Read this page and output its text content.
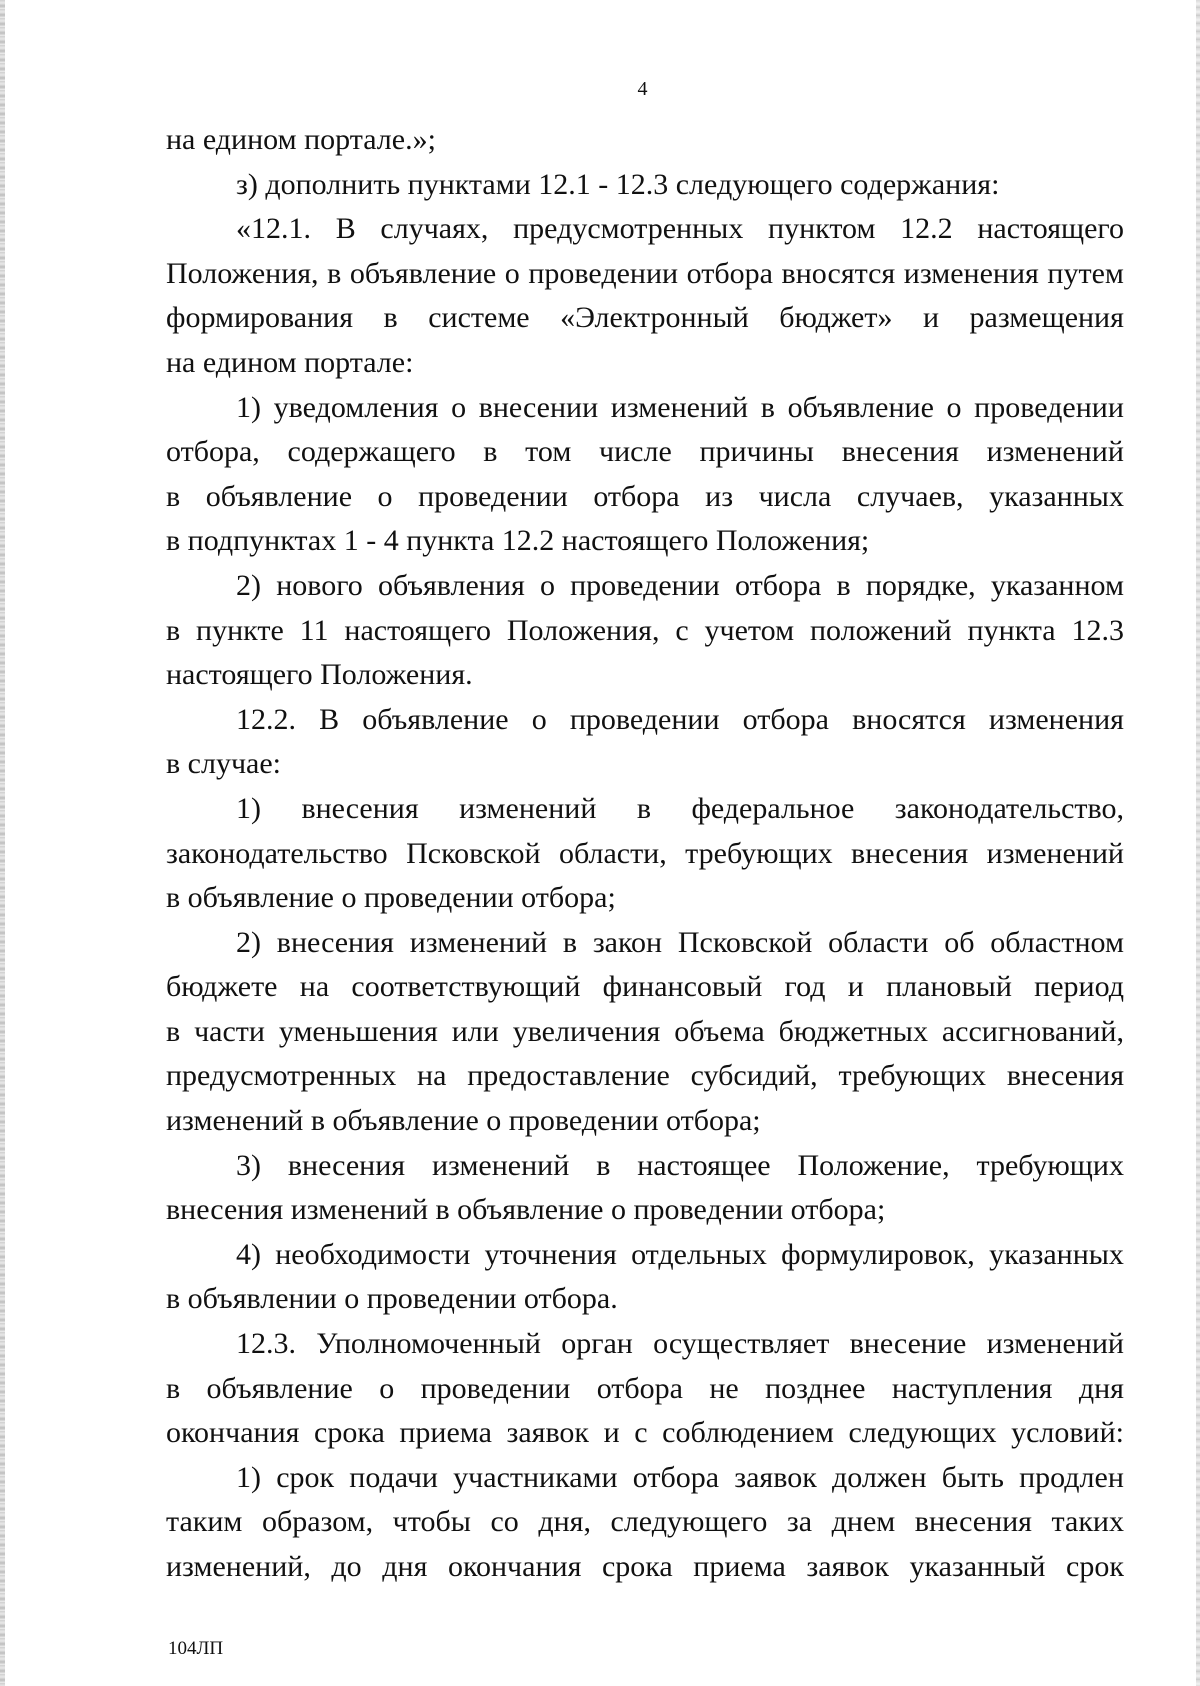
4
на едином портале.»;
з) дополнить пунктами 12.1 - 12.3 следующего содержания:
«12.1. В случаях, предусмотренных пунктом 12.2 настоящего
Положения, в объявление о проведении отбора вносятся изменения путем
формирования в системе «Электронный бюджет» и размещения
на едином портале:
1) уведомления о внесении изменений в объявление о проведении
отбора, содержащего в том числе причины внесения изменений
в объявление о проведении отбора из числа случаев, указанных
в подпунктах 1 - 4 пункта 12.2 настоящего Положения;
2) нового объявления о проведении отбора в порядке, указанном
в пункте 11 настоящего Положения, с учетом положений пункта 12.3
настоящего Положения.
12.2. В объявление о проведении отбора вносятся изменения
в случае:
1) внесения изменений в федеральное законодательство,
законодательство Псковской области, требующих внесения изменений
в объявление о проведении отбора;
2) внесения изменений в закон Псковской области об областном
бюджете на соответствующий финансовый год и плановый период
в части уменьшения или увеличения объема бюджетных ассигнований,
предусмотренных на предоставление субсидий, требующих внесения
изменений в объявление о проведении отбора;
3) внесения изменений в настоящее Положение, требующих
внесения изменений в объявление о проведении отбора;
4) необходимости уточнения отдельных формулировок, указанных
в объявлении о проведении отбора.
12.3. Уполномоченный орган осуществляет внесение изменений
в объявление о проведении отбора не позднее наступления дня
окончания срока приема заявок и с соблюдением следующих условий:
1) срок подачи участниками отбора заявок должен быть продлен
таким образом, чтобы со дня, следующего за днем внесения таких
изменений, до дня окончания срока приема заявок указанный срок
104ЛП
